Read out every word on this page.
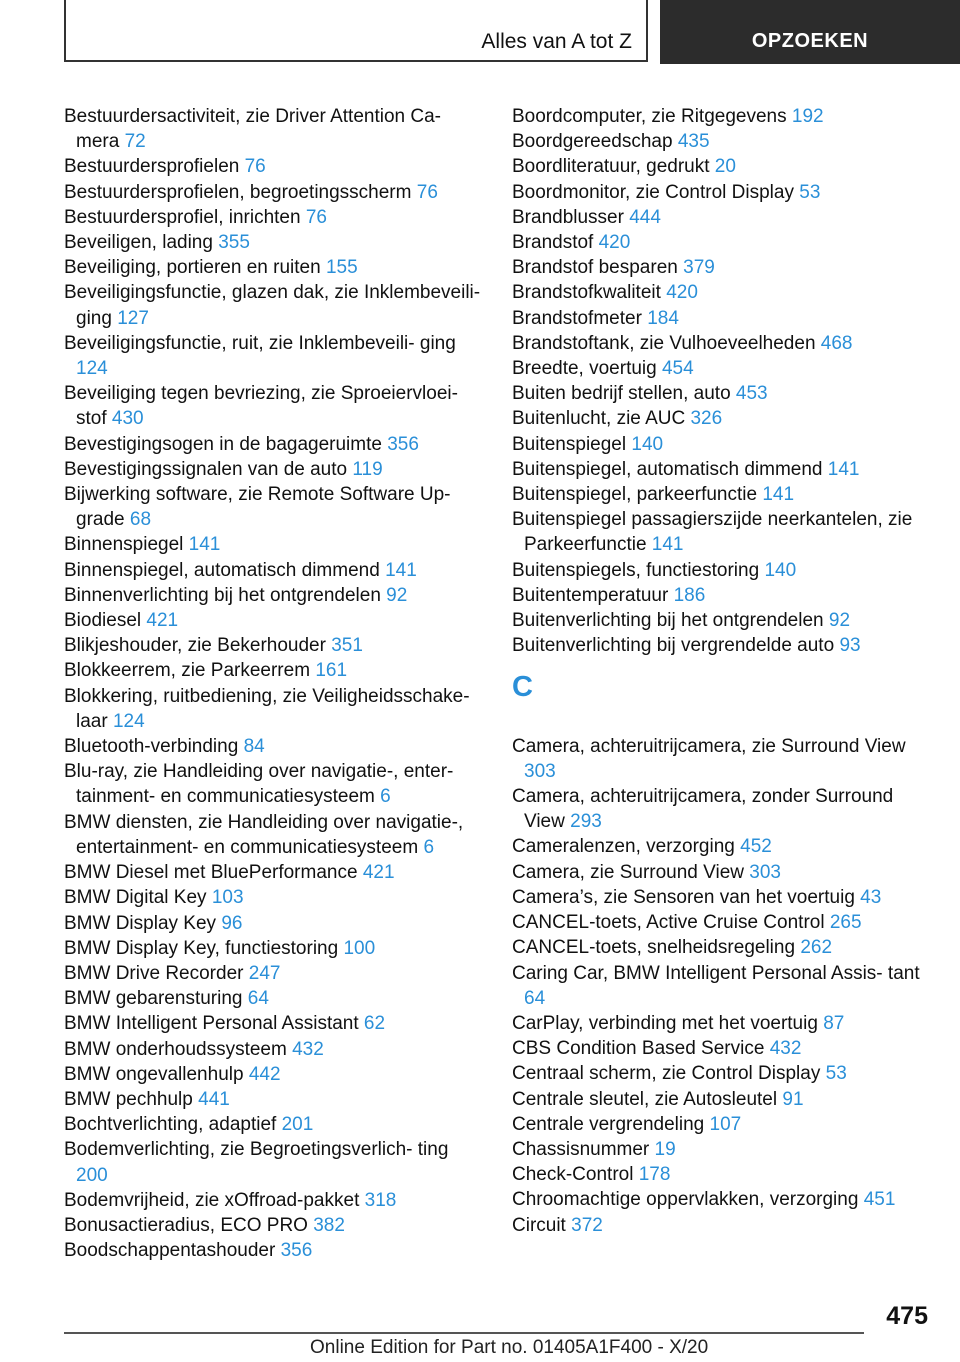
Alles van A tot Z	OPZOEKEN
Bestuurdersactiviteit, zie Driver Attention Ca‐ mera 72
Bestuurdersprofielen 76
Bestuurdersprofielen, begroetingsscherm 76
Bestuurdersprofiel, inrichten 76
Beveiligen, lading 355
Beveiliging, portieren en ruiten 155
Beveiligingsfunctie, glazen dak, zie Inklembeveili‐ ging 127
Beveiligingsfunctie, ruit, zie Inklembeveili‐ ging 124
Beveiliging tegen bevriezing, zie Sproeiervloei‐ stof 430
Bevestigingsogen in de bagageruimte 356
Bevestigingssignalen van de auto 119
Bijwerking software, zie Remote Software Up‐ grade 68
Binnenspiegel 141
Binnenspiegel, automatisch dimmend 141
Binnenverlichting bij het ontgrendelen 92
Biodiesel 421
Blikjeshouder, zie Bekerhouder 351
Blokkeerrem, zie Parkeerrem 161
Blokkering, ruitbediening, zie Veiligheidsschake‐ laar 124
Bluetooth-verbinding 84
Blu-ray, zie Handleiding over navigatie-, enter‐ tainment- en communicatiesysteem 6
BMW diensten, zie Handleiding over navigatie-, entertainment- en communicatiesysteem 6
BMW Diesel met BluePerformance 421
BMW Digital Key 103
BMW Display Key 96
BMW Display Key, functiestoring 100
BMW Drive Recorder 247
BMW gebarensturing 64
BMW Intelligent Personal Assistant 62
BMW onderhoudssysteem 432
BMW ongevallenhulp 442
BMW pechhulp 441
Bochtverlichting, adaptief 201
Bodemverlichting, zie Begroetingsverlich‐ ting 200
Bodemvrijheid, zie xOffroad-pakket 318
Bonusactieradius, ECO PRO 382
Boodschappentashouder 356
Boordcomputer, zie Ritgegevens 192
Boordgereedschap 435
Boordliteratuur, gedrukt 20
Boordmonitor, zie Control Display 53
Brandblusser 444
Brandstof 420
Brandstof besparen 379
Brandstofkwaliteit 420
Brandstofmeter 184
Brandstoftank, zie Vulhoeveelheden 468
Breedte, voertuig 454
Buiten bedrijf stellen, auto 453
Buitenlucht, zie AUC 326
Buitenspiegel 140
Buitenspiegel, automatisch dimmend 141
Buitenspiegel, parkeerfunctie 141
Buitenspiegel passagierszijde neerkantelen, zie Parkeerfunctie 141
Buitenspiegels, functiestoring 140
Buitentemperatuur 186
Buitenverlichting bij het ontgrendelen 92
Buitenverlichting bij vergrendelde auto 93
C
Camera, achteruitrijcamera, zie Surround View 303
Camera, achteruitrijcamera, zonder Surround View 293
Cameralenzen, verzorging 452
Camera, zie Surround View 303
Camera’s, zie Sensoren van het voertuig 43
CANCEL-toets, Active Cruise Control 265
CANCEL-toets, snelheidsregeling 262
Caring Car, BMW Intelligent Personal Assis‐ tant 64
CarPlay, verbinding met het voertuig 87
CBS Condition Based Service 432
Centraal scherm, zie Control Display 53
Centrale sleutel, zie Autosleutel 91
Centrale vergrendeling 107
Chassisnummer 19
Check-Control 178
Chroomachtige oppervlakken, verzorging 451
Circuit 372
475
Online Edition for Part no. 01405A1F400 - X/20
